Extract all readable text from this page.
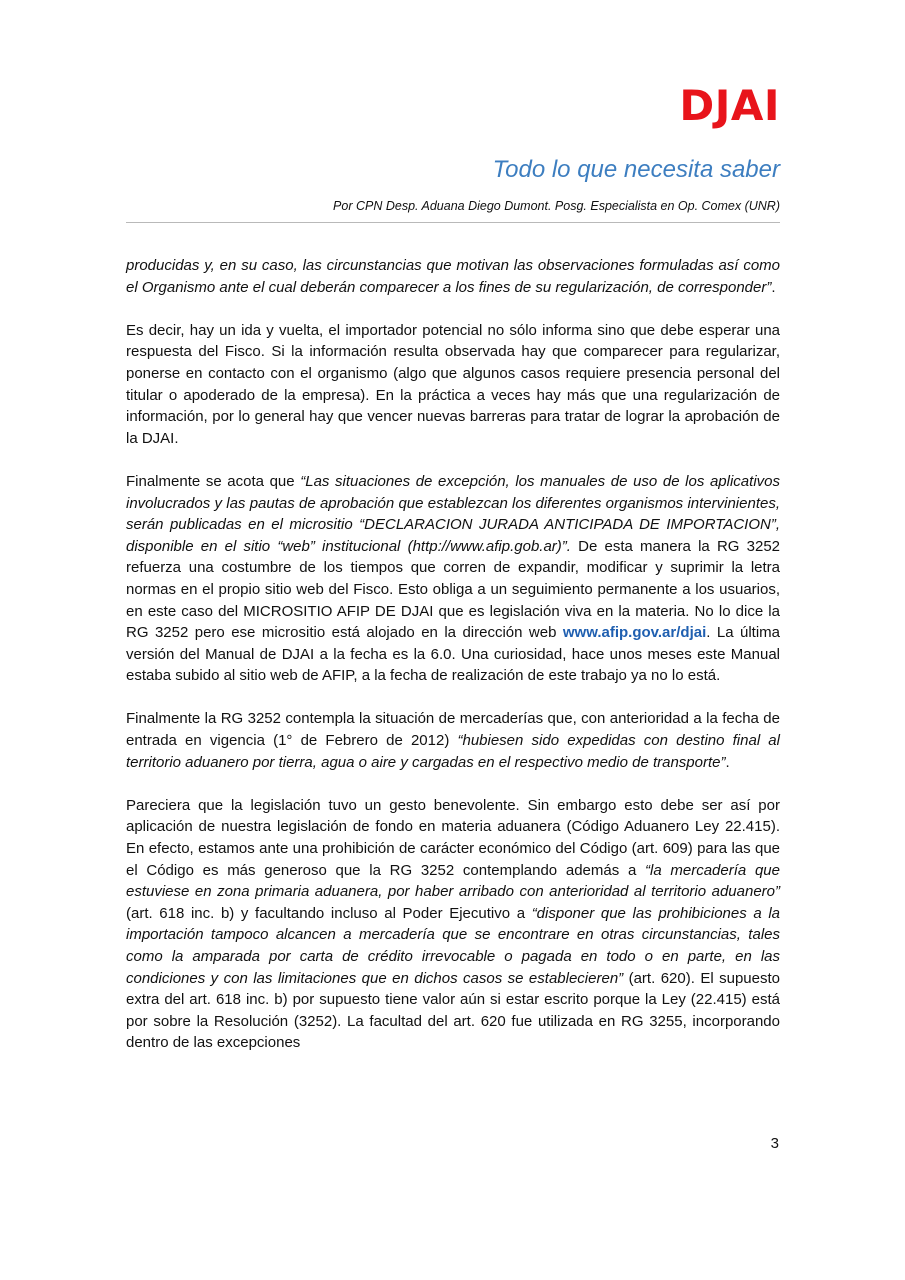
DJAI
Todo lo que necesita saber
Por CPN Desp. Aduana Diego Dumont. Posg. Especialista en Op. Comex (UNR)

producidas y, en su caso, las circunstancias que motivan las observaciones formuladas así como el Organismo ante el cual deberán comparecer a los fines de su regularización, de corresponder”.

Es decir, hay un ida y vuelta, el importador potencial no sólo informa sino que debe esperar una respuesta del Fisco. Si la información resulta observada hay que comparecer para regularizar, ponerse en contacto con el organismo (algo que algunos casos requiere presencia personal del titular o apoderado de la empresa). En la práctica a veces hay más que una regularización de información, por lo general hay que vencer nuevas barreras para tratar de lograr la aprobación de la DJAI.

Finalmente se acota que “Las situaciones de excepción, los manuales de uso de los aplicativos involucrados y las pautas de aprobación que establezcan los diferentes organismos intervinientes, serán publicadas en el micrositio “DECLARACION JURADA ANTICIPADA DE IMPORTACION”, disponible en el sitio “web” institucional (http://www.afip.gob.ar)”. De esta manera la RG 3252 refuerza una costumbre de los tiempos que corren de expandir, modificar y suprimir la letra normas en el propio sitio web del Fisco. Esto obliga a un seguimiento permanente a los usuarios, en este caso del MICROSITIO AFIP DE DJAI que es legislación viva en la materia. No lo dice la RG 3252 pero ese micrositio está alojado en la dirección web www.afip.gov.ar/djai. La última versión del Manual de DJAI a la fecha es la 6.0. Una curiosidad, hace unos meses este Manual estaba subido al sitio web de AFIP, a la fecha de realización de este trabajo ya no lo está.

Finalmente la RG 3252 contempla la situación de mercaderías que, con anterioridad a la fecha de entrada en vigencia (1° de Febrero de 2012) “hubiesen sido expedidas con destino final al territorio aduanero por tierra, agua o aire y cargadas en el respectivo medio de transporte”.

Pareciera que la legislación tuvo un gesto benevolente. Sin embargo esto debe ser así por aplicación de nuestra legislación de fondo en materia aduanera (Código Aduanero Ley 22.415). En efecto, estamos ante una prohibición de carácter económico del Código (art. 609) para las que el Código es más generoso que la RG 3252 contemplando además a “la mercadería que estuviese en zona primaria aduanera, por haber arribado con anterioridad al territorio aduanero” (art. 618 inc. b) y facultando incluso al Poder Ejecutivo a “disponer que las prohibiciones a la importación tampoco alcancen a mercadería que se encontrare en otras circunstancias, tales como la amparada por carta de crédito irrevocable o pagada en todo o en parte, en las condiciones y con las limitaciones que en dichos casos se establecieren” (art. 620). El supuesto extra del art. 618 inc. b) por supuesto tiene valor aún si estar escrito porque la Ley (22.415) está por sobre la Resolución (3252). La facultad del art. 620 fue utilizada en RG 3255, incorporando dentro de las excepciones

3
